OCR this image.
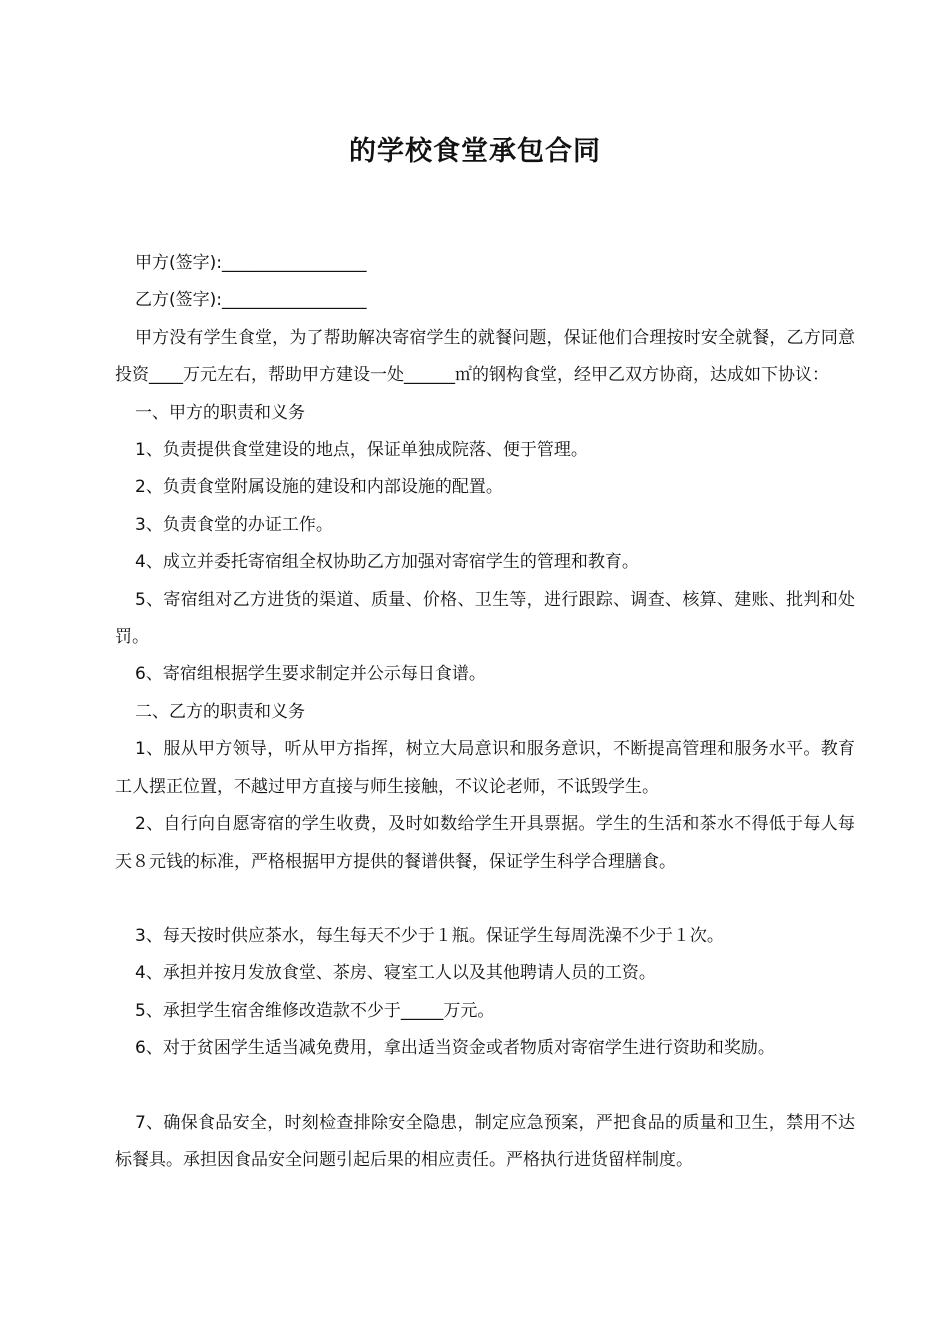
的学校食堂承包合同

甲方(签字):_________________

乙方(签字):_________________

甲方没有学生食堂，为了帮助解决寄宿学生的就餐问题，保证他们合理按时安全就餐，乙方同意投资____万元左右，帮助甲方建设一处______㎡的钢构食堂，经甲乙双方协商，达成如下协议：

一、甲方的职责和义务

1、负责提供食堂建设的地点，保证单独成院落、便于管理。

2、负责食堂附属设施的建设和内部设施的配置。

3、负责食堂的办证工作。

4、成立并委托寄宿组全权协助乙方加强对寄宿学生的管理和教育。

5、寄宿组对乙方进货的渠道、质量、价格、卫生等，进行跟踪、调查、核算、建账、批判和处罚。

6、寄宿组根据学生要求制定并公示每日食谱。

二、乙方的职责和义务

1、服从甲方领导，听从甲方指挥，树立大局意识和服务意识，不断提高管理和服务水平。教育工人摆正位置，不越过甲方直接与师生接触，不议论老师，不诋毁学生。

2、自行向自愿寄宿的学生收费，及时如数给学生开具票据。学生的生活和茶水不得低于每人每天８元钱的标准，严格根据甲方提供的餐谱供餐，保证学生科学合理膳食。

3、每天按时供应茶水，每生每天不少于１瓶。保证学生每周洗澡不少于１次。

4、承担并按月发放食堂、茶房、寝室工人以及其他聘请人员的工资。

5、承担学生宿舍维修改造款不少于_____万元。

6、对于贫困学生适当减免费用，拿出适当资金或者物质对寄宿学生进行资助和奖励。

7、确保食品安全，时刻检查排除安全隐患，制定应急预案，严把食品的质量和卫生，禁用不达标餐具。承担因食品安全问题引起后果的相应责任。严格执行进货留样制度。
